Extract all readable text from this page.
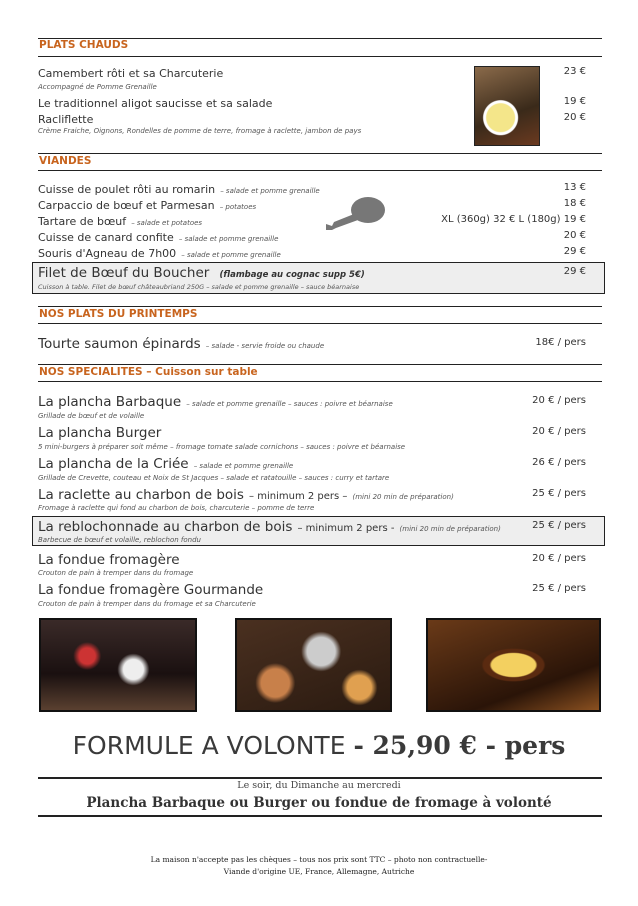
PLATS CHAUDS
Camembert rôti et sa Charcuterie	23 €
Accompagné de Pomme Grenaille
Le traditionnel aligot saucisse et sa salade	19 €
Racliflette	20 €
Crème Fraiche, Oignons, Rondelles de pomme de terre, fromage à raclette, jambon de pays
VIANDES
Cuisse de poulet rôti au romarin – salade et pomme grenaille	13 €
Carpaccio de bœuf et Parmesan – potatoes	18 €
Tartare de bœuf – salade et potatoes	XL (360g) 32 € L (180g) 19 €
Cuisse de canard confite – salade et pomme grenaille	20 €
Souris d'Agneau de 7h00 – salade et pomme grenaille	29 €
Filet de Bœuf du Boucher (flambage au cognac supp 5€)	29 €
Cuisson à table. Filet de bœuf châteaubriand 250G – salade et pomme grenaille – sauce béarnaise
NOS PLATS DU PRINTEMPS
Tourte saumon épinards – salade - servie froide ou chaude	18€ / pers
NOS SPECIALITES – Cuisson sur table
La plancha Barbaque – salade et pomme grenaille – sauces : poivre et béarnaise	20 € / pers
Grillade de bœuf et de volaille
La plancha Burger	20 € / pers
5 mini-burgers à préparer soit même – fromage tomate salade cornichons – sauces : poivre et béarnaise
La plancha de la Criée – salade et pomme grenaille	26 € / pers
Grillade de Crevette, couteau et Noix de St Jacques – salade et ratatouille – sauces : curry et tartare
La raclette au charbon de bois – minimum 2 pers – (mini 20 min de préparation)	25 € / pers
Fromage à raclette qui fond au charbon de bois, charcuterie – pomme de terre
La reblochonnade au charbon de bois – minimum 2 pers - (mini 20 min de préparation)	25 € / pers
Barbecue de bœuf et volaille, reblochon fondu
La fondue fromagère	20 € / pers
Crouton de pain à tremper dans du fromage
La fondue fromagère Gourmande	25 € / pers
Crouton de pain à tremper dans du fromage et sa Charcuterie
FORMULE A VOLONTE - 25,90 € - pers
Le soir, du Dimanche au mercredi
Plancha Barbaque ou Burger ou fondue de fromage à volonté
La maison n'accepte pas les chèques – tous nos prix sont TTC – photo non contractuelle-
Viande d'origine UE, France, Allemagne, Autriche
